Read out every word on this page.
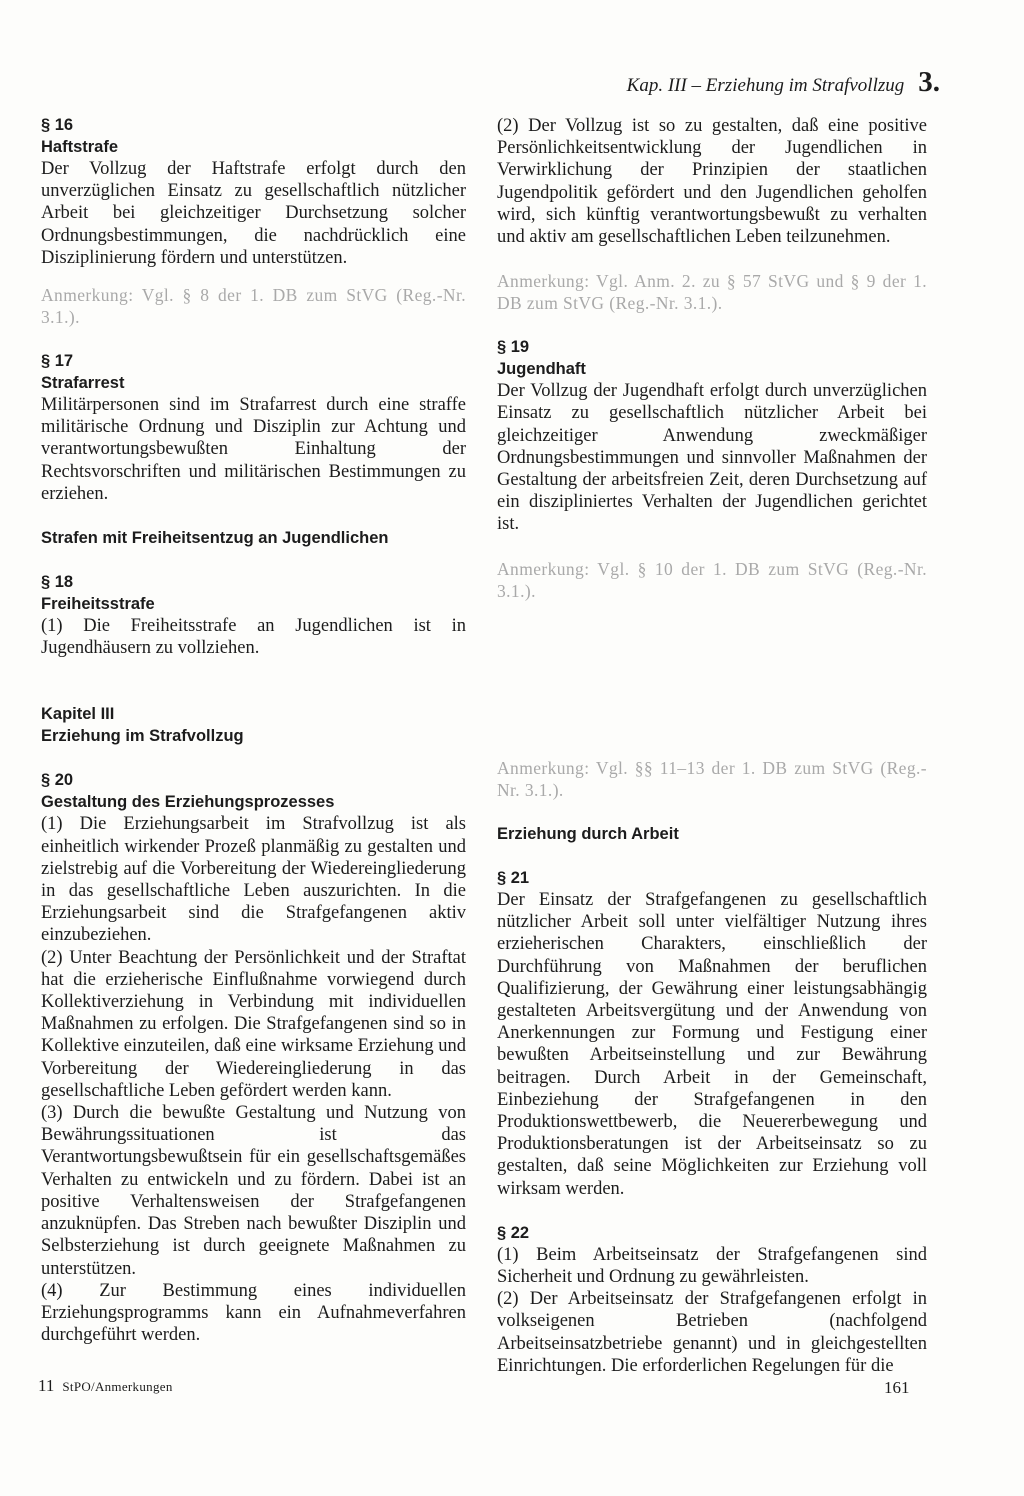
Kap. III – Erziehung im Strafvollzug 3.
§ 16
Haftstrafe

Der Vollzug der Haftstrafe erfolgt durch den unverzüglichen Einsatz zu gesellschaftlich nützlicher Arbeit bei gleichzeitiger Durchsetzung solcher Ordnungsbestimmungen, die nachdrücklich eine Disziplinierung fördern und unterstützen.

Anmerkung: Vgl. § 8 der 1. DB zum StVG (Reg.-Nr. 3.1.).

§ 17
Strafarrest

Militärpersonen sind im Strafarrest durch eine straffe militärische Ordnung und Disziplin zur Achtung und verantwortungsbewußten Einhaltung der Rechtsvorschriften und militärischen Bestimmungen zu erziehen.

Strafen mit Freiheitsentzug an Jugendlichen
§ 18
Freiheitsstrafe

(1) Die Freiheitsstrafe an Jugendlichen ist in Jugendhäusern zu vollziehen.

Kapitel III
Erziehung im Strafvollzug
§ 20
Gestaltung des Erziehungsprozesses

(1) Die Erziehungsarbeit im Strafvollzug ist als einheitlich wirkender Prozeß planmäßig zu gestalten und zielstrebig auf die Vorbereitung der Wiedereingliederung in das gesellschaftliche Leben auszurichten. In die Erziehungsarbeit sind die Strafgefangenen aktiv einzubeziehen.

(2) Unter Beachtung der Persönlichkeit und der Straftat hat die erzieherische Einflußnahme vorwiegend durch Kollektiverziehung in Verbindung mit individuellen Maßnahmen zu erfolgen. Die Strafgefangenen sind so in Kollektive einzuteilen, daß eine wirksame Erziehung und Vorbereitung der Wiedereingliederung in das gesellschaftliche Leben gefördert werden kann.

(3) Durch die bewußte Gestaltung und Nutzung von Bewährungssituationen ist das Verantwortungsbewußtsein für ein gesellschaftsgemäßes Verhalten zu entwickeln und zu fördern. Dabei ist an positive Verhaltensweisen der Strafgefangenen anzuknüpfen. Das Streben nach bewußter Disziplin und Selbsterziehung ist durch geeignete Maßnahmen zu unterstützen.

(4) Zur Bestimmung eines individuellen Erziehungsprogramms kann ein Aufnahmeverfahren durchgeführt werden.

(2) Der Vollzug ist so zu gestalten, daß eine positive Persönlichkeitsentwicklung der Jugendlichen in Verwirklichung der Prinzipien der staatlichen Jugendpolitik gefördert und den Jugendlichen geholfen wird, sich künftig verantwortungsbewußt zu verhalten und aktiv am gesellschaftlichen Leben teilzunehmen.

Anmerkung: Vgl. Anm. 2. zu § 57 StVG und § 9 der 1. DB zum StVG (Reg.-Nr. 3.1.).

§ 19
Jugendhaft

Der Vollzug der Jugendhaft erfolgt durch unverzüglichen Einsatz zu gesellschaftlich nützlicher Arbeit bei gleichzeitiger Anwendung zweckmäßiger Ordnungsbestimmungen und sinnvoller Maßnahmen der Gestaltung der arbeitsfreien Zeit, deren Durchsetzung auf ein diszipliniertes Verhalten der Jugendlichen gerichtet ist.

Anmerkung: Vgl. § 10 der 1. DB zum StVG (Reg.-Nr. 3.1.).

Anmerkung: Vgl. §§ 11–13 der 1. DB zum StVG (Reg.-Nr. 3.1.).

Erziehung durch Arbeit
§ 21

Der Einsatz der Strafgefangenen zu gesellschaftlich nützlicher Arbeit soll unter vielfältiger Nutzung ihres erzieherischen Charakters, einschließlich der Durchführung von Maßnahmen der beruflichen Qualifizierung, der Gewährung einer leistungsabhängig gestalteten Arbeitsvergütung und der Anwendung von Anerkennungen zur Formung und Festigung einer bewußten Arbeitseinstellung und zur Bewährung beitragen. Durch Arbeit in der Gemeinschaft, Einbeziehung der Strafgefangenen in den Produktionswettbewerb, die Neuererbewegung und Produktionsberatungen ist der Arbeitseinsatz so zu gestalten, daß seine Möglichkeiten zur Erziehung voll wirksam werden.

§ 22

(1) Beim Arbeitseinsatz der Strafgefangenen sind Sicherheit und Ordnung zu gewährleisten.

(2) Der Arbeitseinsatz der Strafgefangenen erfolgt in volkseigenen Betrieben (nachfolgend Arbeitseinsatzbetriebe genannt) und in gleichgestellten Einrichtungen. Die erforderlichen Regelungen für die

11 StPO/Anmerkungen	161
